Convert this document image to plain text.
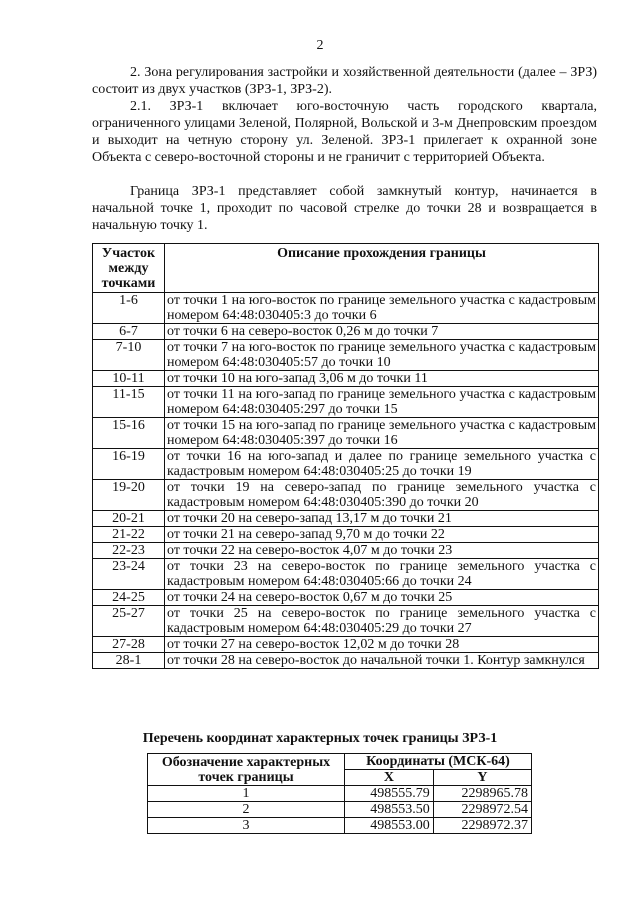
2

2. Зона регулирования застройки и хозяйственной деятельности (далее – ЗРЗ) состоит из двух участков (ЗРЗ-1, ЗРЗ-2).

2.1. ЗРЗ-1 включает юго-восточную часть городского квартала, ограниченного улицами Зеленой, Полярной, Вольской и 3-м Днепровским проездом и выходит на четную сторону ул. Зеленой. ЗРЗ-1 прилегает к охранной зоне Объекта с северо-восточной стороны и не граничит с территорией Объекта.

Граница ЗРЗ-1 представляет собой замкнутый контур, начинается в начальной точке 1, проходит по часовой стрелке до точки 28 и возвращается в начальную точку 1.

Участок
между
точками	Описание прохождения границы
1-6	от точки 1 на юго-восток по границе земельного участка с кадастровым номером 64:48:030405:3 до точки 6
6-7	от точки 6 на северо-восток 0,26 м до точки 7
7-10	от точки 7 на юго-восток по границе земельного участка с кадастровым номером 64:48:030405:57 до точки 10
10-11	от точки 10 на юго-запад 3,06 м до точки 11
11-15	от точки 11 на юго-запад по границе земельного участка с кадастровым номером 64:48:030405:297 до точки 15
15-16	от точки 15 на юго-запад по границе земельного участка с кадастровым номером 64:48:030405:397 до точки 16
16-19	от точки 16 на юго-запад и далее по границе земельного участка с кадастровым номером 64:48:030405:25 до точки 19
19-20	от точки 19 на северо-запад по границе земельного участка с кадастровым номером 64:48:030405:390 до точки 20
20-21	от точки 20 на северо-запад 13,17 м до точки 21
21-22	от точки 21 на северо-запад 9,70 м до точки 22
22-23	от точки 22 на северо-восток 4,07 м до точки 23
23-24	от точки 23 на северо-восток по границе земельного участка с кадастровым номером 64:48:030405:66 до точки 24
24-25	от точки 24 на северо-восток 0,67 м до точки 25
25-27	от точки 25 на северо-восток по границе земельного участка с кадастровым номером 64:48:030405:29 до точки 27
27-28	от точки 27 на северо-восток 12,02 м до точки 28
28-1	от точки 28 на северо-восток до начальной точки 1. Контур замкнулся
Перечень координат характерных точек границы ЗРЗ-1
Обозначение характерных
точек границы	Координаты (МСК-64)	
	X	Y
1	498555.79	2298965.78
2	498553.50	2298972.54
3	498553.00	2298972.37
